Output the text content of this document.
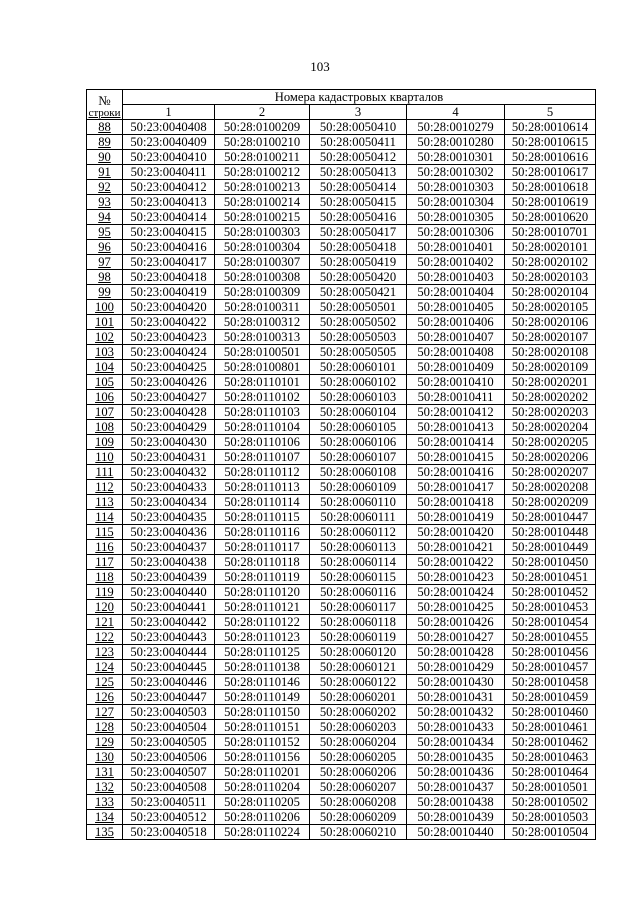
103
№
строки	Номера кадастровых кварталов				
	1	2	3	4	5
88	50:23:0040408	50:28:0100209	50:28:0050410	50:28:0010279	50:28:0010614
89	50:23:0040409	50:28:0100210	50:28:0050411	50:28:0010280	50:28:0010615
90	50:23:0040410	50:28:0100211	50:28:0050412	50:28:0010301	50:28:0010616
91	50:23:0040411	50:28:0100212	50:28:0050413	50:28:0010302	50:28:0010617
92	50:23:0040412	50:28:0100213	50:28:0050414	50:28:0010303	50:28:0010618
93	50:23:0040413	50:28:0100214	50:28:0050415	50:28:0010304	50:28:0010619
94	50:23:0040414	50:28:0100215	50:28:0050416	50:28:0010305	50:28:0010620
95	50:23:0040415	50:28:0100303	50:28:0050417	50:28:0010306	50:28:0010701
96	50:23:0040416	50:28:0100304	50:28:0050418	50:28:0010401	50:28:0020101
97	50:23:0040417	50:28:0100307	50:28:0050419	50:28:0010402	50:28:0020102
98	50:23:0040418	50:28:0100308	50:28:0050420	50:28:0010403	50:28:0020103
99	50:23:0040419	50:28:0100309	50:28:0050421	50:28:0010404	50:28:0020104
100	50:23:0040420	50:28:0100311	50:28:0050501	50:28:0010405	50:28:0020105
101	50:23:0040422	50:28:0100312	50:28:0050502	50:28:0010406	50:28:0020106
102	50:23:0040423	50:28:0100313	50:28:0050503	50:28:0010407	50:28:0020107
103	50:23:0040424	50:28:0100501	50:28:0050505	50:28:0010408	50:28:0020108
104	50:23:0040425	50:28:0100801	50:28:0060101	50:28:0010409	50:28:0020109
105	50:23:0040426	50:28:0110101	50:28:0060102	50:28:0010410	50:28:0020201
106	50:23:0040427	50:28:0110102	50:28:0060103	50:28:0010411	50:28:0020202
107	50:23:0040428	50:28:0110103	50:28:0060104	50:28:0010412	50:28:0020203
108	50:23:0040429	50:28:0110104	50:28:0060105	50:28:0010413	50:28:0020204
109	50:23:0040430	50:28:0110106	50:28:0060106	50:28:0010414	50:28:0020205
110	50:23:0040431	50:28:0110107	50:28:0060107	50:28:0010415	50:28:0020206
111	50:23:0040432	50:28:0110112	50:28:0060108	50:28:0010416	50:28:0020207
112	50:23:0040433	50:28:0110113	50:28:0060109	50:28:0010417	50:28:0020208
113	50:23:0040434	50:28:0110114	50:28:0060110	50:28:0010418	50:28:0020209
114	50:23:0040435	50:28:0110115	50:28:0060111	50:28:0010419	50:28:0010447
115	50:23:0040436	50:28:0110116	50:28:0060112	50:28:0010420	50:28:0010448
116	50:23:0040437	50:28:0110117	50:28:0060113	50:28:0010421	50:28:0010449
117	50:23:0040438	50:28:0110118	50:28:0060114	50:28:0010422	50:28:0010450
118	50:23:0040439	50:28:0110119	50:28:0060115	50:28:0010423	50:28:0010451
119	50:23:0040440	50:28:0110120	50:28:0060116	50:28:0010424	50:28:0010452
120	50:23:0040441	50:28:0110121	50:28:0060117	50:28:0010425	50:28:0010453
121	50:23:0040442	50:28:0110122	50:28:0060118	50:28:0010426	50:28:0010454
122	50:23:0040443	50:28:0110123	50:28:0060119	50:28:0010427	50:28:0010455
123	50:23:0040444	50:28:0110125	50:28:0060120	50:28:0010428	50:28:0010456
124	50:23:0040445	50:28:0110138	50:28:0060121	50:28:0010429	50:28:0010457
125	50:23:0040446	50:28:0110146	50:28:0060122	50:28:0010430	50:28:0010458
126	50:23:0040447	50:28:0110149	50:28:0060201	50:28:0010431	50:28:0010459
127	50:23:0040503	50:28:0110150	50:28:0060202	50:28:0010432	50:28:0010460
128	50:23:0040504	50:28:0110151	50:28:0060203	50:28:0010433	50:28:0010461
129	50:23:0040505	50:28:0110152	50:28:0060204	50:28:0010434	50:28:0010462
130	50:23:0040506	50:28:0110156	50:28:0060205	50:28:0010435	50:28:0010463
131	50:23:0040507	50:28:0110201	50:28:0060206	50:28:0010436	50:28:0010464
132	50:23:0040508	50:28:0110204	50:28:0060207	50:28:0010437	50:28:0010501
133	50:23:0040511	50:28:0110205	50:28:0060208	50:28:0010438	50:28:0010502
134	50:23:0040512	50:28:0110206	50:28:0060209	50:28:0010439	50:28:0010503
135	50:23:0040518	50:28:0110224	50:28:0060210	50:28:0010440	50:28:0010504
